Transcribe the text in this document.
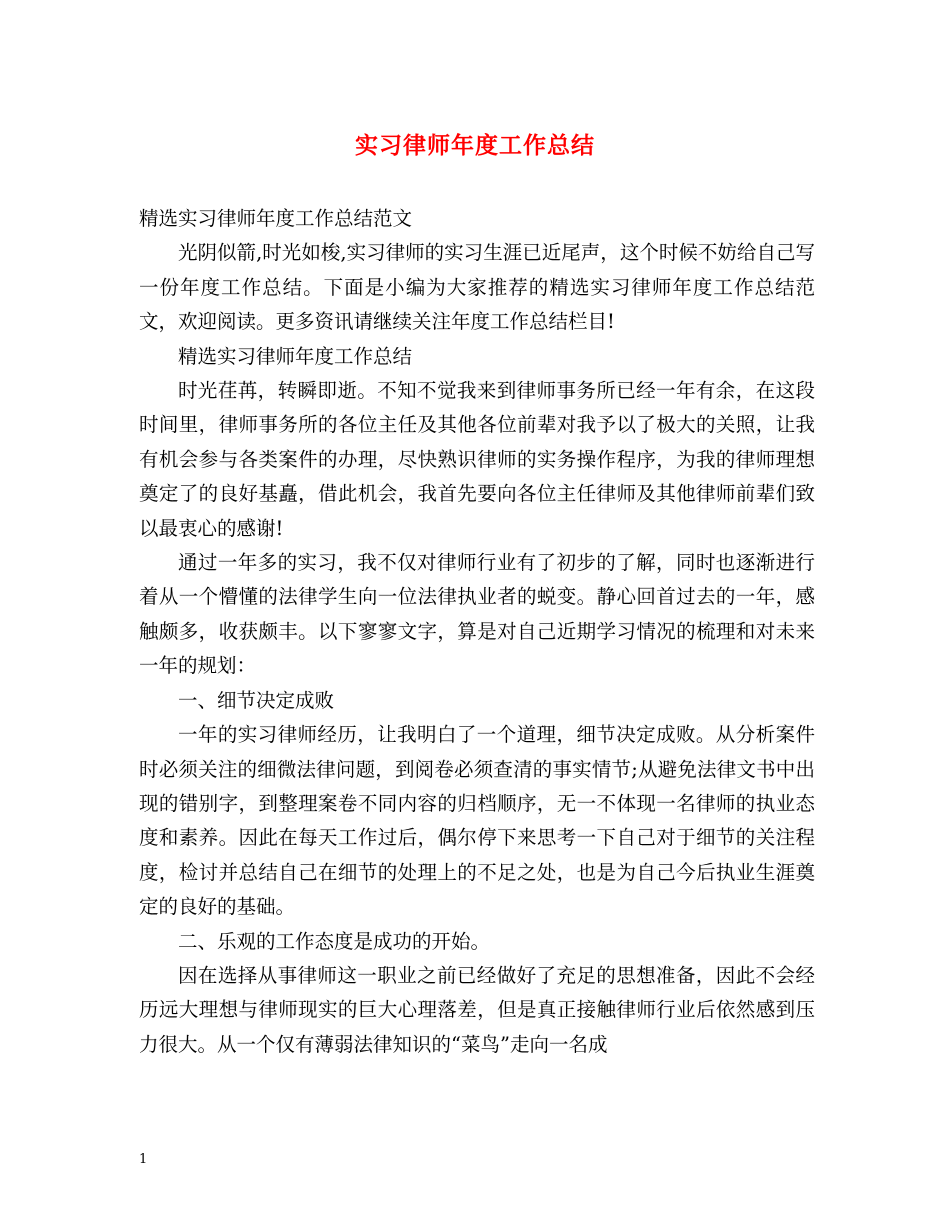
实习律师年度工作总结

精选实习律师年度工作总结范文

光阴似箭,时光如梭,实习律师的实习生涯已近尾声，这个时候不妨给自己写一份年度工作总结。下面是小编为大家推荐的精选实习律师年度工作总结范文，欢迎阅读。更多资讯请继续关注年度工作总结栏目!

精选实习律师年度工作总结

时光荏苒，转瞬即逝。不知不觉我来到律师事务所已经一年有余，在这段时间里，律师事务所的各位主任及其他各位前辈对我予以了极大的关照，让我有机会参与各类案件的办理，尽快熟识律师的实务操作程序，为我的律师理想奠定了的良好基矗，借此机会，我首先要向各位主任律师及其他律师前辈们致以最衷心的感谢!

通过一年多的实习，我不仅对律师行业有了初步的了解，同时也逐渐进行着从一个懵懂的法律学生向一位法律执业者的蜕变。静心回首过去的一年，感触颇多，收获颇丰。以下寥寥文字，算是对自己近期学习情况的梳理和对未来一年的规划：

一、细节决定成败

一年的实习律师经历，让我明白了一个道理，细节决定成败。从分析案件时必须关注的细微法律问题，到阅卷必须查清的事实情节;从避免法律文书中出现的错别字，到整理案卷不同内容的归档顺序，无一不体现一名律师的执业态度和素养。因此在每天工作过后，偶尔停下来思考一下自己对于细节的关注程度，检讨并总结自己在细节的处理上的不足之处，也是为自己今后执业生涯奠定的良好的基础。

二、乐观的工作态度是成功的开始。

因在选择从事律师这一职业之前已经做好了充足的思想准备，因此不会经历远大理想与律师现实的巨大心理落差，但是真正接触律师行业后依然感到压力很大。从一个仅有薄弱法律知识的“菜鸟”走向一名成

1
